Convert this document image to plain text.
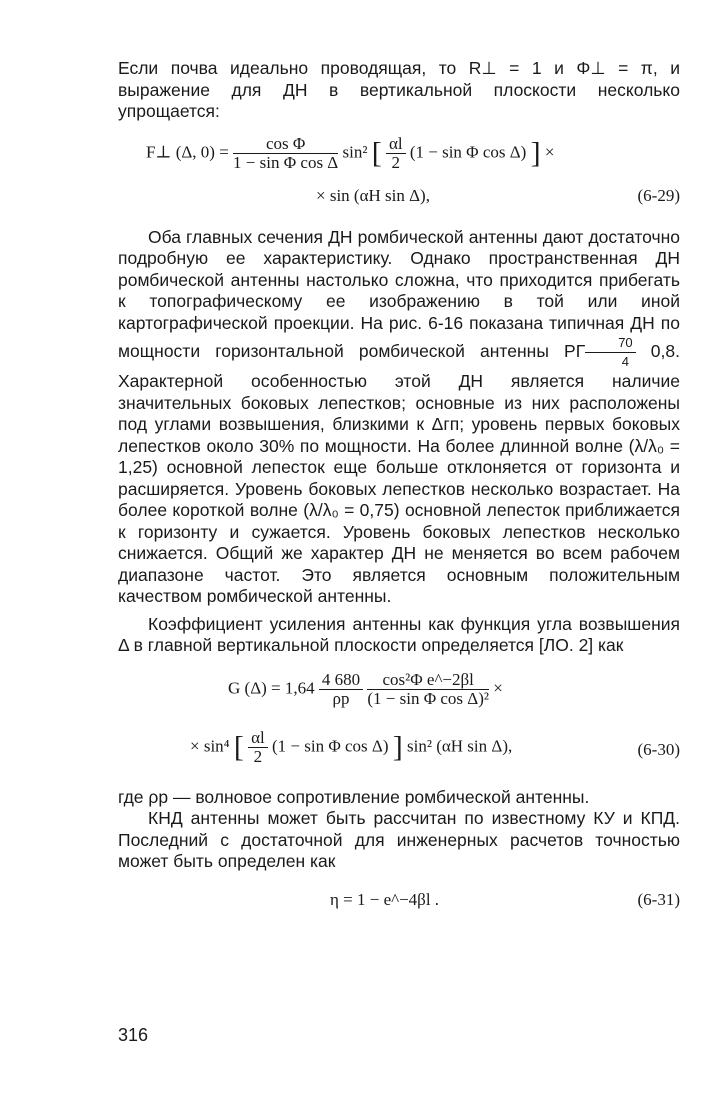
Если почва идеально проводящая, то R⊥ = 1 и Φ⊥ = π, и выражение для ДН в вертикальной плоскости несколько упрощается:

F⊥ (Δ, $0) = \frac{\text{cos Φ}}{\text{1 − sin Φ cos Δ}} \sin^2$ [ $\frac{\alpha l}{2} (1 - \sin \Phi$ cos Δ) ] ×
× sin (αH sin Δ),	(6-29)

Оба главных сечения ДН ромбической антенны дают достаточно подробную ее характеристику. Однако пространственная ДН ромбической антенны настолько сложна, что приходится прибегать к топографическому ее изображению в той или иной картографической проекции. На рис. 6-16 показана типичная ДН по мощности горизонтальной ромбической антенны РГ $\frac{70}{4} 0,8$. Характерной особенностью этой ДН является наличие значительных боковых лепестков; основные из них расположены под углами возвышения, близкими к Δгп; уровень первых боковых лепестков около 30% по мощности. На более длинной волне (λ/λ₀ = 1,25) основной лепесток еще больше отклоняется от горизонта и расширяется. Уровень боковых лепестков несколько возрастает. На более короткой волне (λ/λ₀ = 0,75) основной лепесток приближается к горизонту и сужается. Уровень боковых лепестков несколько снижается. Общий же характер ДН не меняется во всем рабочем диапазоне частот. Это является основным положительным качеством ромбической антенны.

Коэффициент усиления антенны как функция угла возвышения Δ в главной вертикальной плоскости определяется [ЛО. 2] как

G $(\Delta) = 1,64 \frac{4 680}{\rho р}$
$\frac{\text{cos²Φ e\textasciicircum{}−2βl}}{\text{(1 − sin Φ cos Δ)²}}$ ×
× sin⁴ [ $\frac{\alpha l}{2} (1 - \sin \Phi$ cos Δ) ] sin² (αH sin Δ),	(6-30)

где ρр — волновое сопротивление ромбической антенны.

КНД антенны может быть рассчитан по известному КУ и КПД. Последний с достаточной для инженерных расчетов точностью может быть определен как

η = 1 − e^−4βl .	(6-31)
316
